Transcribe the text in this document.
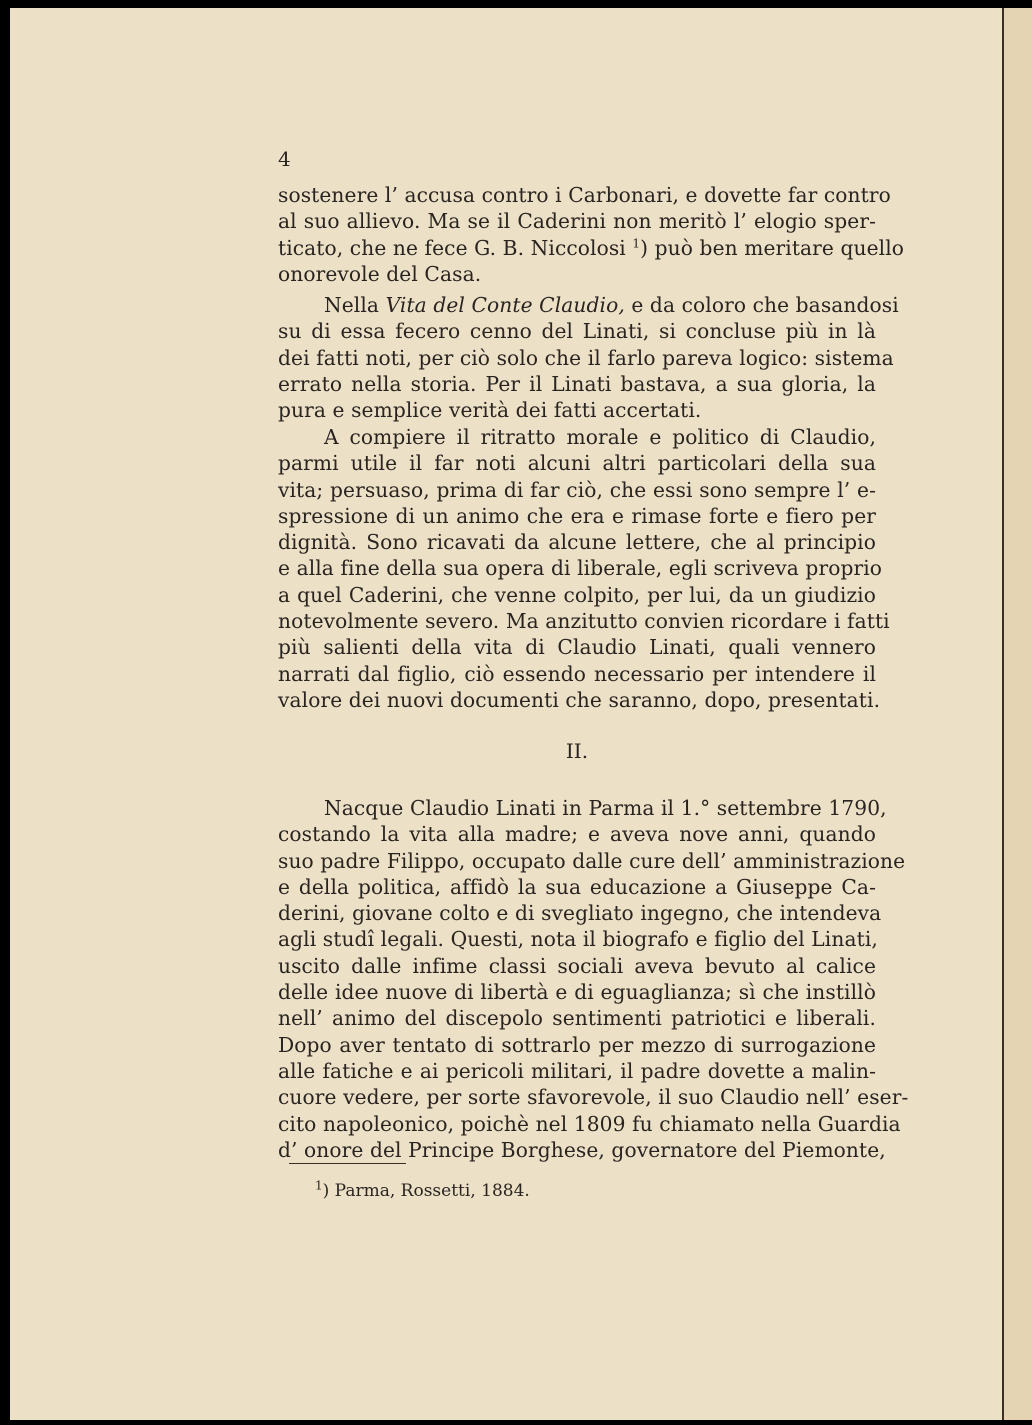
4
sostenere l’ accusa contro i Carbonari, e dovette far contro
al suo allievo. Ma se il Caderini non meritò l’ elogio sper-
ticato, che ne fece G. B. Niccolosi $^1$) può ben meritare quello
onorevole del Casa.
Nella Vita del Conte Claudio, e da coloro che basandosi
su di essa fecero cenno del Linati, si concluse più in là
dei fatti noti, per ciò solo che il farlo pareva logico: sistema
errato nella storia. Per il Linati bastava, a sua gloria, la
pura e semplice verità dei fatti accertati.
A compiere il ritratto morale e politico di Claudio,
parmi utile il far noti alcuni altri particolari della sua
vita; persuaso, prima di far ciò, che essi sono sempre l’ e-
spressione di un animo che era e rimase forte e fiero per
dignità. Sono ricavati da alcune lettere, che al principio
e alla fine della sua opera di liberale, egli scriveva proprio
a quel Caderini, che venne colpito, per lui, da un giudizio
notevolmente severo. Ma anzitutto convien ricordare i fatti
più salienti della vita di Claudio Linati, quali vennero
narrati dal figlio, ciò essendo necessario per intendere il
valore dei nuovi documenti che saranno, dopo, presentati.
II.
Nacque Claudio Linati in Parma il 1.° settembre 1790,
costando la vita alla madre; e aveva nove anni, quando
suo padre Filippo, occupato dalle cure dell’ amministrazione
e della politica, affidò la sua educazione a Giuseppe Ca-
derini, giovane colto e di svegliato ingegno, che intendeva
agli studî legali. Questi, nota il biografo e figlio del Linati,
uscito dalle infime classi sociali aveva bevuto al calice
delle idee nuove di libertà e di eguaglianza; sì che instillò
nell’ animo del discepolo sentimenti patriotici e liberali.
Dopo aver tentato di sottrarlo per mezzo di surrogazione
alle fatiche e ai pericoli militari, il padre dovette a malin-
cuore vedere, per sorte sfavorevole, il suo Claudio nell’ eser-
cito napoleonico, poichè nel 1809 fu chiamato nella Guardia
d’ onore del Principe Borghese, governatore del Piemonte,
$^1$) Parma, Rossetti, 1884.
